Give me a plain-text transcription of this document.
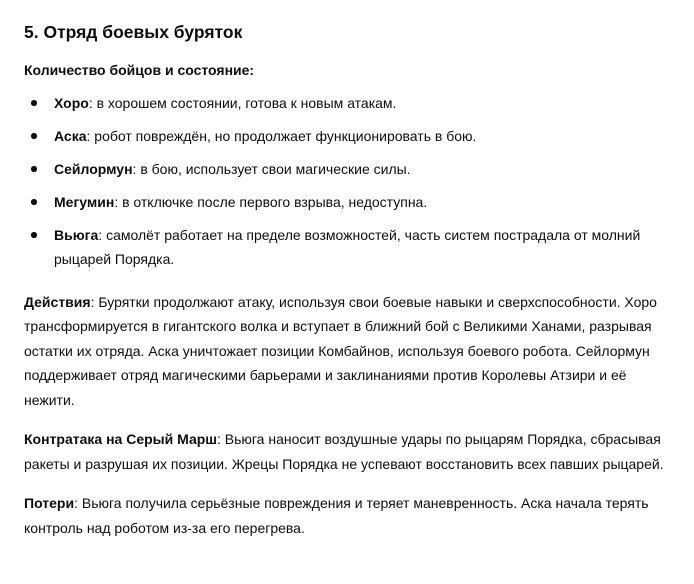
5. Отряд боевых буряток

Количество бойцов и состояние:

Хоро: в хорошем состоянии, готова к новым атакам.
Аска: робот повреждён, но продолжает функционировать в бою.
Сейлормун: в бою, использует свои магические силы.
Мегумин: в отключке после первого взрыва, недоступна.
Вьюга: самолёт работает на пределе возможностей, часть систем пострадала от молний рыцарей Порядка.

Действия: Бурятки продолжают атаку, используя свои боевые навыки и сверхспособности. Хоро трансформируется в гигантского волка и вступает в ближний бой с Великими Ханами, разрывая остатки их отряда. Аска уничтожает позиции Комбайнов, используя боевого робота. Сейлормун поддерживает отряд магическими барьерами и заклинаниями против Королевы Атзири и её нежити.

Контратака на Серый Марш: Вьюга наносит воздушные удары по рыцарям Порядка, сбрасывая ракеты и разрушая их позиции. Жрецы Порядка не успевают восстановить всех павших рыцарей.

Потери: Вьюга получила серьёзные повреждения и теряет маневренность. Аска начала терять контроль над роботом из-за его перегрева.
